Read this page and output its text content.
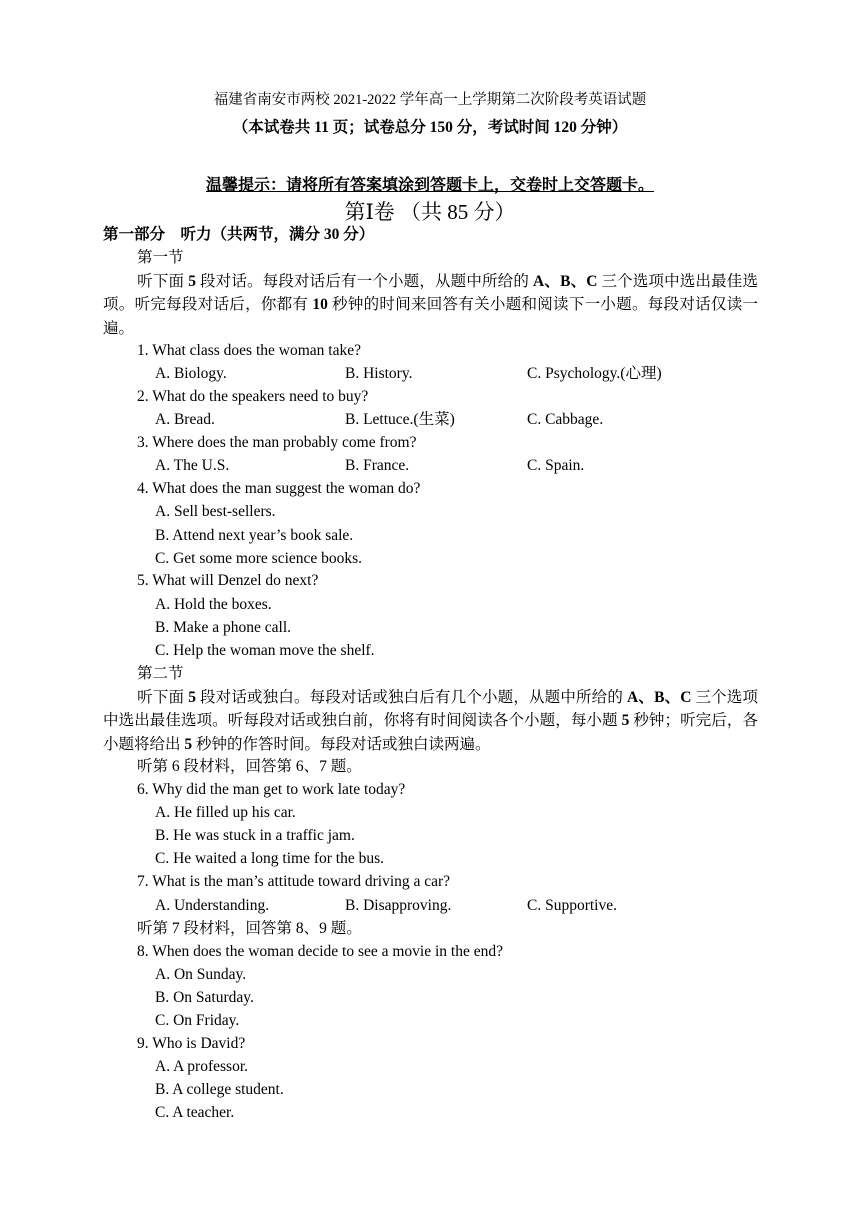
福建省南安市两校 2021-2022 学年高一上学期第二次阶段考英语试题
（本试卷共 11 页；试卷总分 150 分，考试时间 120 分钟）
温馨提示：请将所有答案填涂到答题卡上，交卷时上交答题卡。
第Ⅰ卷 （共 85 分）
第一部分　听力（共两节，满分 30 分）
第一节
听下面 5 段对话。每段对话后有一个小题，从题中所给的 A、B、C 三个选项中选出最佳选项。听完每段对话后，你都有 10 秒钟的时间来回答有关小题和阅读下一小题。每段对话仅读一遍。
1. What class does the woman take?
A. Biology.	B. History.	C. Psychology.(心理)
2. What do the speakers need to buy?
A. Bread.	B. Lettuce.(生菜)	C. Cabbage.
3. Where does the man probably come from?
A. The U.S.	B. France.	C. Spain.
4. What does the man suggest the woman do?
A. Sell best-sellers.
B. Attend next year’s book sale.
C. Get some more science books.
5. What will Denzel do next?
A. Hold the boxes.
B. Make a phone call.
C. Help the woman move the shelf.
第二节
听下面 5 段对话或独白。每段对话或独白后有几个小题，从题中所给的 A、B、C 三个选项中选出最佳选项。听每段对话或独白前，你将有时间阅读各个小题，每小题 5 秒钟；听完后，各小题将给出 5 秒钟的作答时间。每段对话或独白读两遍。
听第 6 段材料，回答第 6、7 题。
6. Why did the man get to work late today?
A. He filled up his car.
B. He was stuck in a traffic jam.
C. He waited a long time for the bus.
7. What is the man’s attitude toward driving a car?
A. Understanding.	B. Disapproving.	C. Supportive.
听第 7 段材料，回答第 8、9 题。
8. When does the woman decide to see a movie in the end?
A. On Sunday.
B. On Saturday.
C. On Friday.
9. Who is David?
A. A professor.
B. A college student.
C. A teacher.
